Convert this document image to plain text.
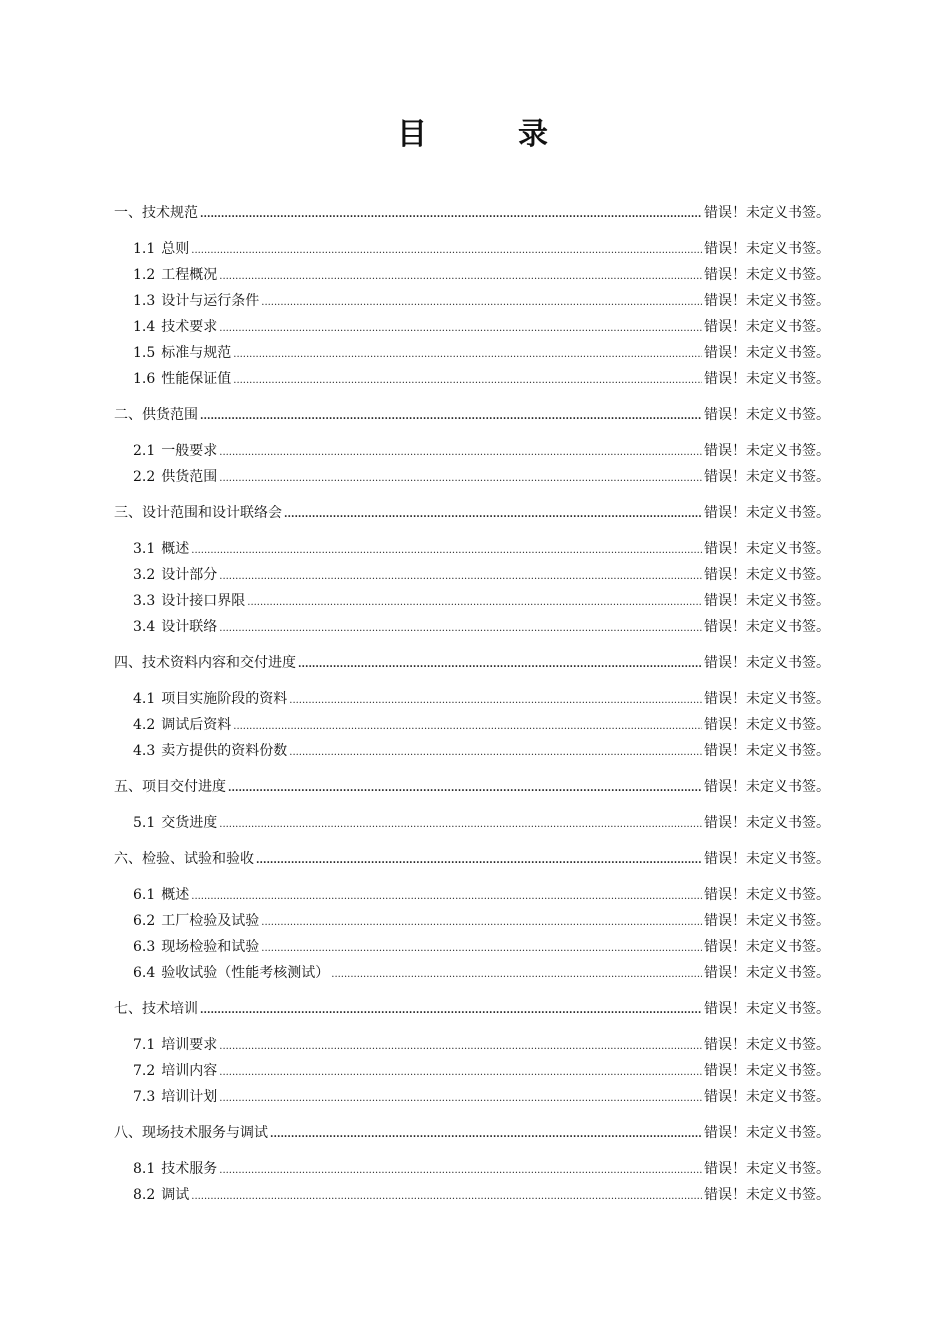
目	录
一、技术规范 .....	错误！未定义书签。
1.1 总则 .....	错误！未定义书签。
1.2 工程概况 .....	错误！未定义书签。
1.3 设计与运行条件 .....	错误！未定义书签。
1.4 技术要求 .....	错误！未定义书签。
1.5 标准与规范 .....	错误！未定义书签。
1.6 性能保证值 .....	错误！未定义书签。
二、供货范围 .....	错误！未定义书签。
2.1 一般要求 .....	错误！未定义书签。
2.2 供货范围 .....	错误！未定义书签。
三、设计范围和设计联络会 .....	错误！未定义书签。
3.1 概述 .....	错误！未定义书签。
3.2 设计部分 .....	错误！未定义书签。
3.3 设计接口界限 .....	错误！未定义书签。
3.4 设计联络 .....	错误！未定义书签。
四、技术资料内容和交付进度 .....	错误！未定义书签。
4.1 项目实施阶段的资料 .....	错误！未定义书签。
4.2 调试后资料 .....	错误！未定义书签。
4.3 卖方提供的资料份数 .....	错误！未定义书签。
五、项目交付进度 .....	错误！未定义书签。
5.1 交货进度 .....	错误！未定义书签。
六、检验、试验和验收 .....	错误！未定义书签。
6.1 概述 .....	错误！未定义书签。
6.2 工厂检验及试验 .....	错误！未定义书签。
6.3 现场检验和试验 .....	错误！未定义书签。
6.4 验收试验（性能考核测试） .....	错误！未定义书签。
七、技术培训 .....	错误！未定义书签。
7.1 培训要求 .....	错误！未定义书签。
7.2 培训内容 .....	错误！未定义书签。
7.3 培训计划 .....	错误！未定义书签。
八、现场技术服务与调试 .....	错误！未定义书签。
8.1 技术服务 .....	错误！未定义书签。
8.2 调试 .....	错误！未定义书签。
